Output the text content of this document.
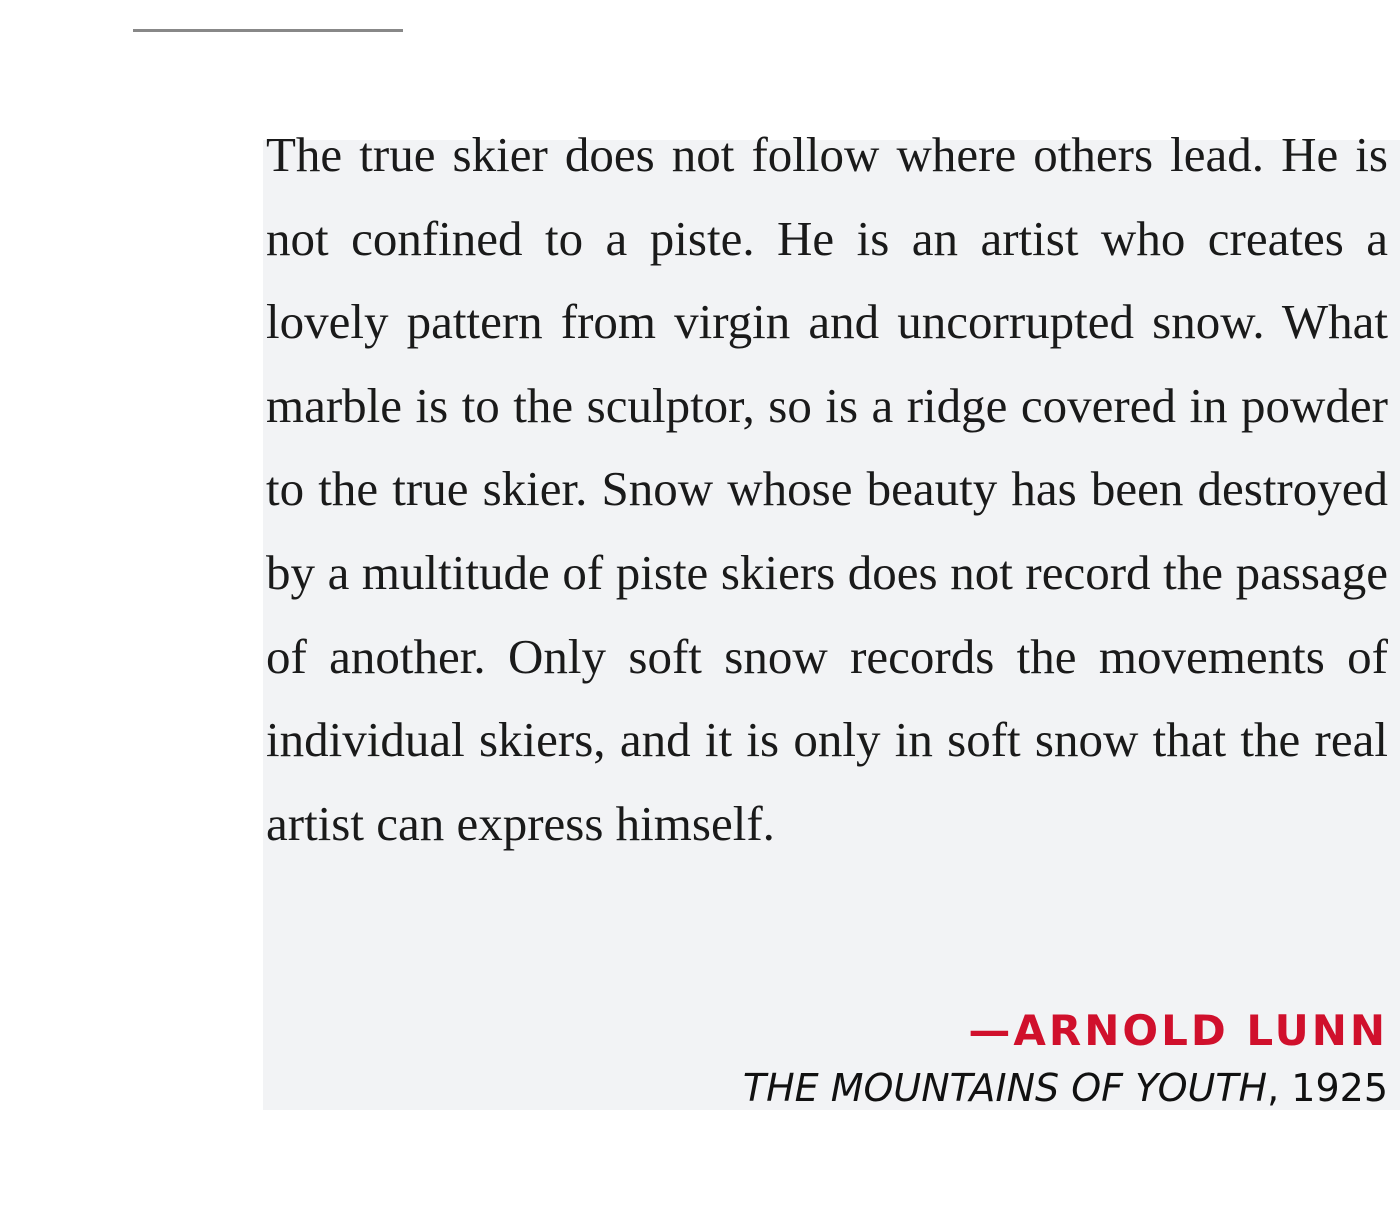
The true skier does not follow where others lead. He is not confined to a piste. He is an artist who creates a lovely pattern from virgin and uncorrupted snow. What marble is to the sculptor, so is a ridge covered in powder to the true skier. Snow whose beauty has been destroyed by a multitude of piste skiers does not record the passage of another. Only soft snow records the movements of individual skiers, and it is only in soft snow that the real artist can express himself.

—ARNOLD LUNN
THE MOUNTAINS OF YOUTH, 1925
